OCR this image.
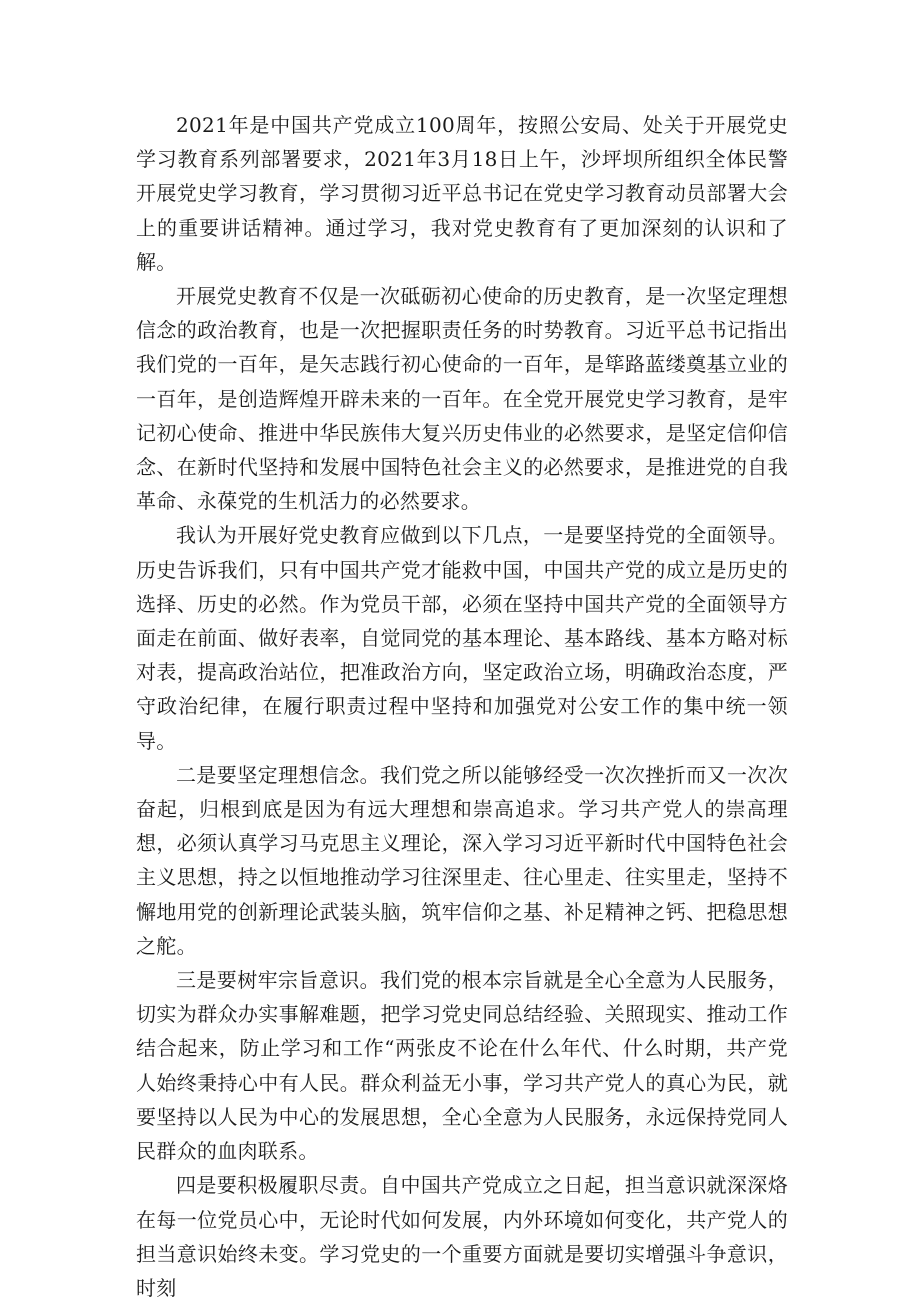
2021年是中国共产党成立100周年，按照公安局、处关于开展党史学习教育系列部署要求，2021年3月18日上午，沙坪坝所组织全体民警开展党史学习教育，学习贯彻习近平总书记在党史学习教育动员部署大会上的重要讲话精神。通过学习，我对党史教育有了更加深刻的认识和了解。

开展党史教育不仅是一次砥砺初心使命的历史教育，是一次坚定理想信念的政治教育，也是一次把握职责任务的时势教育。习近平总书记指出我们党的一百年，是矢志践行初心使命的一百年，是筚路蓝缕奠基立业的一百年，是创造辉煌开辟未来的一百年。在全党开展党史学习教育，是牢记初心使命、推进中华民族伟大复兴历史伟业的必然要求，是坚定信仰信念、在新时代坚持和发展中国特色社会主义的必然要求，是推进党的自我革命、永葆党的生机活力的必然要求。

我认为开展好党史教育应做到以下几点，一是要坚持党的全面领导。历史告诉我们，只有中国共产党才能救中国，中国共产党的成立是历史的选择、历史的必然。作为党员干部，必须在坚持中国共产党的全面领导方面走在前面、做好表率，自觉同党的基本理论、基本路线、基本方略对标对表，提高政治站位，把准政治方向，坚定政治立场，明确政治态度，严守政治纪律，在履行职责过程中坚持和加强党对公安工作的集中统一领导。

二是要坚定理想信念。我们党之所以能够经受一次次挫折而又一次次奋起，归根到底是因为有远大理想和崇高追求。学习共产党人的崇高理想，必须认真学习马克思主义理论，深入学习习近平新时代中国特色社会主义思想，持之以恒地推动学习往深里走、往心里走、往实里走，坚持不懈地用党的创新理论武装头脑，筑牢信仰之基、补足精神之钙、把稳思想之舵。

三是要树牢宗旨意识。我们党的根本宗旨就是全心全意为人民服务，切实为群众办实事解难题，把学习党史同总结经验、关照现实、推动工作结合起来，防止学习和工作“两张皮不论在什么年代、什么时期，共产党人始终秉持心中有人民。群众利益无小事，学习共产党人的真心为民，就要坚持以人民为中心的发展思想，全心全意为人民服务，永远保持党同人民群众的血肉联系。

四是要积极履职尽责。自中国共产党成立之日起，担当意识就深深烙在每一位党员心中，无论时代如何发展，内外环境如何变化，共产党人的担当意识始终未变。学习党史的一个重要方面就是要切实增强斗争意识，时刻
